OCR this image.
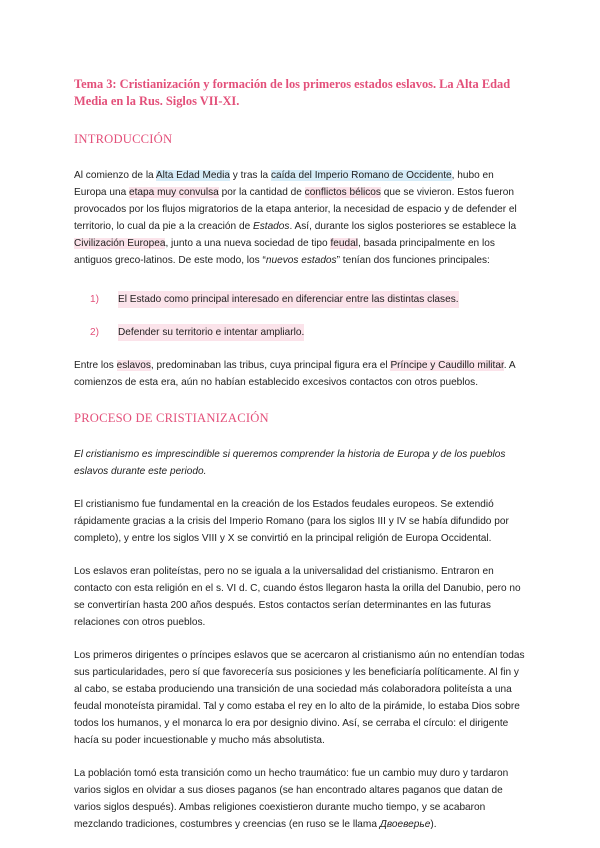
Tema 3: Cristianización y formación de los primeros estados eslavos. La Alta Edad Media en la Rus. Siglos VII-XI.
INTRODUCCIÓN

Al comienzo de la Alta Edad Media y tras la caída del Imperio Romano de Occidente, hubo en Europa una etapa muy convulsa por la cantidad de conflictos bélicos que se vivieron. Estos fueron provocados por los flujos migratorios de la etapa anterior, la necesidad de espacio y de defender el territorio, lo cual da pie a la creación de Estados. Así, durante los siglos posteriores se establece la Civilización Europea, junto a una nueva sociedad de tipo feudal, basada principalmente en los antiguos greco-latinos. De este modo, los “nuevos estados” tenían dos funciones principales:

1)	El Estado como principal interesado en diferenciar entre las distintas clases.
2)	Defender su territorio e intentar ampliarlo.

Entre los eslavos, predominaban las tribus, cuya principal figura era el Príncipe y Caudillo militar. A comienzos de esta era, aún no habían establecido excesivos contactos con otros pueblos.

PROCESO DE CRISTIANIZACIÓN

El cristianismo es imprescindible si queremos comprender la historia de Europa y de los pueblos eslavos durante este periodo.

El cristianismo fue fundamental en la creación de los Estados feudales europeos. Se extendió rápidamente gracias a la crisis del Imperio Romano (para los siglos III y IV se había difundido por completo), y entre los siglos VIII y X se convirtió en la principal religión de Europa Occidental.

Los eslavos eran politeístas, pero no se iguala a la universalidad del cristianismo. Entraron en contacto con esta religión en el s. VI d. C, cuando éstos llegaron hasta la orilla del Danubio, pero no se convertirían hasta 200 años después. Estos contactos serían determinantes en las futuras relaciones con otros pueblos.

Los primeros dirigentes o príncipes eslavos que se acercaron al cristianismo aún no entendían todas sus particularidades, pero sí que favorecería sus posiciones y les beneficiaría políticamente. Al fin y al cabo, se estaba produciendo una transición de una sociedad más colaboradora politeísta a una feudal monoteísta piramidal. Tal y como estaba el rey en lo alto de la pirámide, lo estaba Dios sobre todos los humanos, y el monarca lo era por designio divino. Así, se cerraba el círculo: el dirigente hacía su poder incuestionable y mucho más absolutista.

La población tomó esta transición como un hecho traumático: fue un cambio muy duro y tardaron varios siglos en olvidar a sus dioses paganos (se han encontrado altares paganos que datan de varios siglos después). Ambas religiones coexistieron durante mucho tiempo, y se acabaron mezclando tradiciones, costumbres y creencias (en ruso se le llama Двоеверье).
